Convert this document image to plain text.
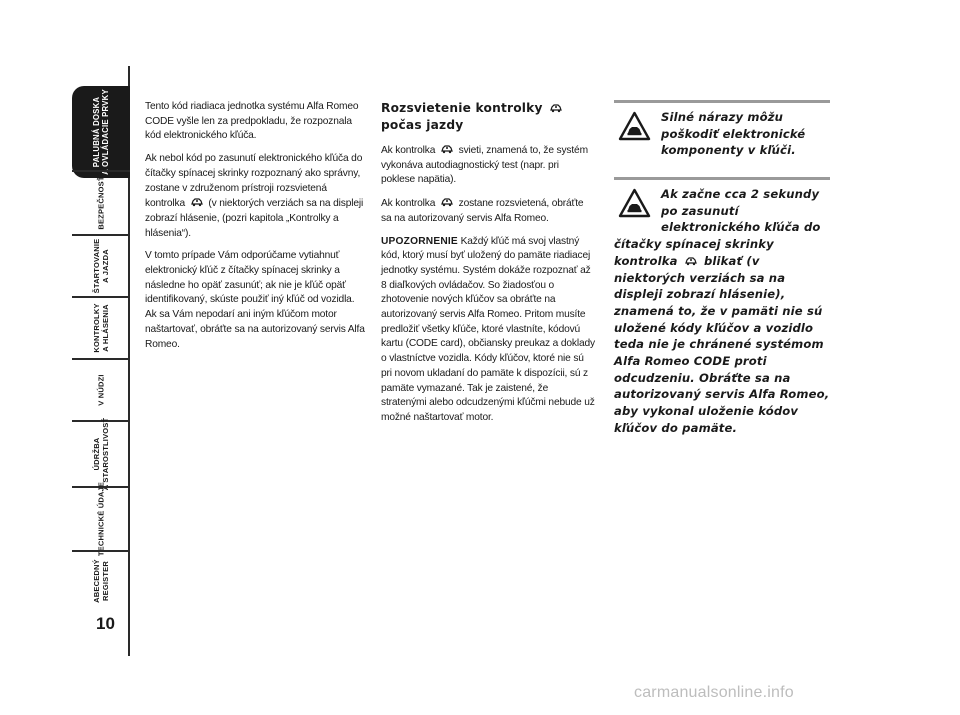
PALUBNÁ DOSKA
A OVLÁDACIE PRVKY
BEZPEČNOSŤ
ŠTARTOVANIE
A JAZDA
KONTROLKY
A HLÁSENIA
V NÚDZI
ÚDRŽBA
A STAROSTLIVOSŤ
TECHNICKÉ ÚDAJE
ABECEDNÝ
REGISTER
10

Tento kód riadiaca jednotka systému Alfa Romeo CODE vyšle len za predpokladu, že rozpoznala kód elektronického kľúča.

Ak nebol kód po zasunutí elektronického kľúča do čítačky spínacej skrinky rozpoznaný ako správny, zostane v združenom prístroji rozsvietená kontrolka (v niektorých verziách sa na displeji zobrazí hlásenie, (pozri kapitola „Kontrolky a hlásenia“).

V tomto prípade Vám odporúčame vytiahnuť elektronický kľúč z čítačky spínacej skrinky a následne ho opäť zasunúť; ak nie je kľúč opäť identifikovaný, skúste použiť iný kľúč od vozidla. Ak sa Vám nepodarí ani iným kľúčom motor naštartovať, obráťte sa na autorizovaný servis Alfa Romeo.

Rozsvietenie kontrolky  počas jazdy

Ak kontrolka svieti, znamená to, že systém vykonáva autodiagnostický test (napr. pri poklese napätia).

Ak kontrolka zostane rozsvietená, obráťte sa na autorizovaný servis Alfa Romeo.

UPOZORNENIE Každý kľúč má svoj vlastný kód, ktorý musí byť uložený do pamäte riadiacej jednotky systému. Systém dokáže rozpoznať až 8 diaľkových ovládačov. So žiadosťou o zhotovenie nových kľúčov sa obráťte na autorizovaný servis Alfa Romeo. Pritom musíte predložiť všetky kľúče, ktoré vlastníte, kódovú kartu (CODE card), občiansky preukaz a doklady o vlastníctve vozidla. Kódy kľúčov, ktoré nie sú pri novom ukladaní do pamäte k dispozícii, sú z pamäte vymazané. Tak je zaistené, že stratenými alebo odcudzenými kľúčmi nebude už možné naštartovať motor.

Silné nárazy môžu poškodiť elektronické komponenty v kľúči.
Ak začne cca 2 sekundy po zasunutí elektronického kľúča do čítačky spínacej skrinky kontrolka blikať (v niektorých verziách sa na displeji zobrazí hlásenie), znamená to, že v pamäti nie sú uložené kódy kľúčov a vozidlo teda nie je chránené systémom Alfa Romeo CODE proti odcudzeniu. Obráťte sa na autorizovaný servis Alfa Romeo, aby vykonal uloženie kódov kľúčov do pamäte.
carmanualsonline.info
